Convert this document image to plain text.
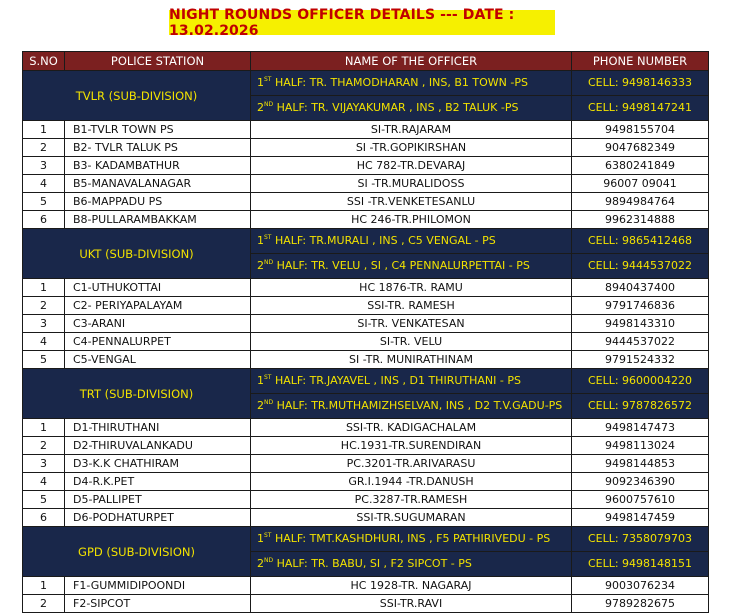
NIGHT ROUNDS OFFICER DETAILS --- DATE : 13.02.2026
S.NO	POLICE STATION	NAME OF THE OFFICER	PHONE NUMBER
TVLR (SUB-DIVISION)		1ST HALF: TR. THAMODHARAN , INS, B1 TOWN -PS	CELL: 9498146333
		2ND HALF: TR. VIJAYAKUMAR , INS , B2 TALUK -PS	CELL: 9498147241
1	B1-TVLR TOWN PS	SI-TR.RAJARAM	9498155704
2	B2- TVLR TALUK PS	SI -TR.GOPIKIRSHAN	9047682349
3	B3- KADAMBATHUR	HC 782-TR.DEVARAJ	6380241849
4	B5-MANAVALANAGAR	SI -TR.MURALIDOSS	96007 09041
5	B6-MAPPADU PS	SSI -TR.VENKETESANLU	9894984764
6	B8-PULLARAMBAKKAM	HC 246-TR.PHILOMON	9962314888
UKT (SUB-DIVISION)		1ST HALF: TR.MURALI , INS , C5 VENGAL - PS	CELL: 9865412468
		2ND HALF: TR. VELU , SI , C4 PENNALURPETTAI - PS	CELL: 9444537022
1	C1-UTHUKOTTAI	HC 1876-TR. RAMU	8940437400
2	C2- PERIYAPALAYAM	SSI-TR. RAMESH	9791746836
3	C3-ARANI	SI-TR. VENKATESAN	9498143310
4	C4-PENNALURPET	SI-TR. VELU	9444537022
5	C5-VENGAL	SI -TR. MUNIRATHINAM	9791524332
TRT (SUB-DIVISION)		1ST HALF: TR.JAYAVEL , INS , D1 THIRUTHANI - PS	CELL: 9600004220
		2ND HALF: TR.MUTHAMIZHSELVAN, INS , D2 T.V.GADU-PS	CELL: 9787826572
1	D1-THIRUTHANI	SSI-TR. KADIGACHALAM	9498147473
2	D2-THIRUVALANKADU	HC.1931-TR.SURENDIRAN	9498113024
3	D3-K.K CHATHIRAM	PC.3201-TR.ARIVARASU	9498144853
4	D4-R.K.PET	GR.I.1944 -TR.DANUSH	9092346390
5	D5-PALLIPET	PC.3287-TR.RAMESH	9600757610
6	D6-PODHATURPET	SSI-TR.SUGUMARAN	9498147459
GPD (SUB-DIVISION)		1ST HALF: TMT.KASHDHURI, INS , F5 PATHIRIVEDU - PS	CELL: 7358079703
		2ND HALF: TR. BABU, SI , F2 SIPCOT - PS	CELL: 9498148151
1	F1-GUMMIDIPOONDI	HC 1928-TR. NAGARAJ	9003076234
2	F2-SIPCOT	SSI-TR.RAVI	9789282675
